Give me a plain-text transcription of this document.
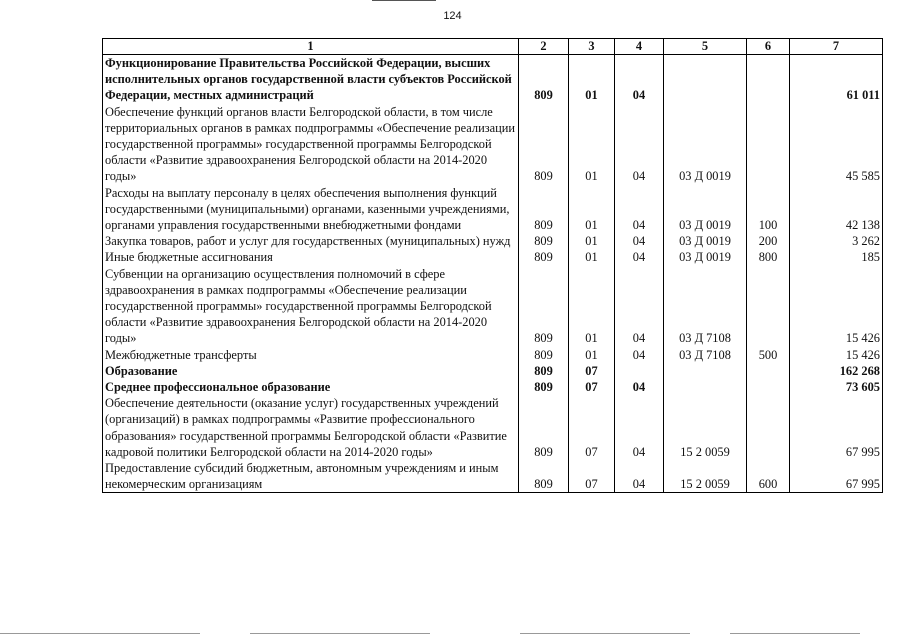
124
1	2	3	4	5	6	7
Функционирование Правительства Российской Федерации, высших исполнительных органов государственной власти субъектов Российской Федерации, местных администраций	809	01	04			61 011
Обеспечение функций органов власти Белгородской области, в том числе территориальных органов в рамках подпрограммы «Обеспечение реализации государственной программы» государственной программы Белгородской области «Развитие здравоохранения Белгородской области на 2014-2020 годы»	809	01	04	03 Д 0019		45 585
Расходы на выплату персоналу в целях обеспечения выполнения функций государственными (муниципальными) органами, казенными учреждениями, органами управления государственными внебюджетными фондами	809	01	04	03 Д 0019	100	42 138
Закупка товаров, работ и услуг для государственных (муниципальных) нужд	809	01	04	03 Д 0019	200	3 262
Иные бюджетные ассигнования	809	01	04	03 Д 0019	800	185
Субвенции на организацию осуществления полномочий в сфере здравоохранения в рамках подпрограммы «Обеспечение реализации государственной программы» государственной программы Белгородской области «Развитие здравоохранения Белгородской области на 2014-2020 годы»	809	01	04	03 Д 7108		15 426
Межбюджетные трансферты	809	01	04	03 Д 7108	500	15 426
Образование	809	07				162 268
Среднее профессиональное образование	809	07	04			73 605
Обеспечение деятельности (оказание услуг) государственных учреждений (организаций) в рамках подпрограммы «Развитие профессионального образования» государственной программы Белгородской области «Развитие кадровой политики Белгородской области на 2014-2020 годы»	809	07	04	15 2 0059		67 995
Предоставление субсидий бюджетным, автономным учреждениям и иным некомерческим организациям	809	07	04	15 2 0059	600	67 995
